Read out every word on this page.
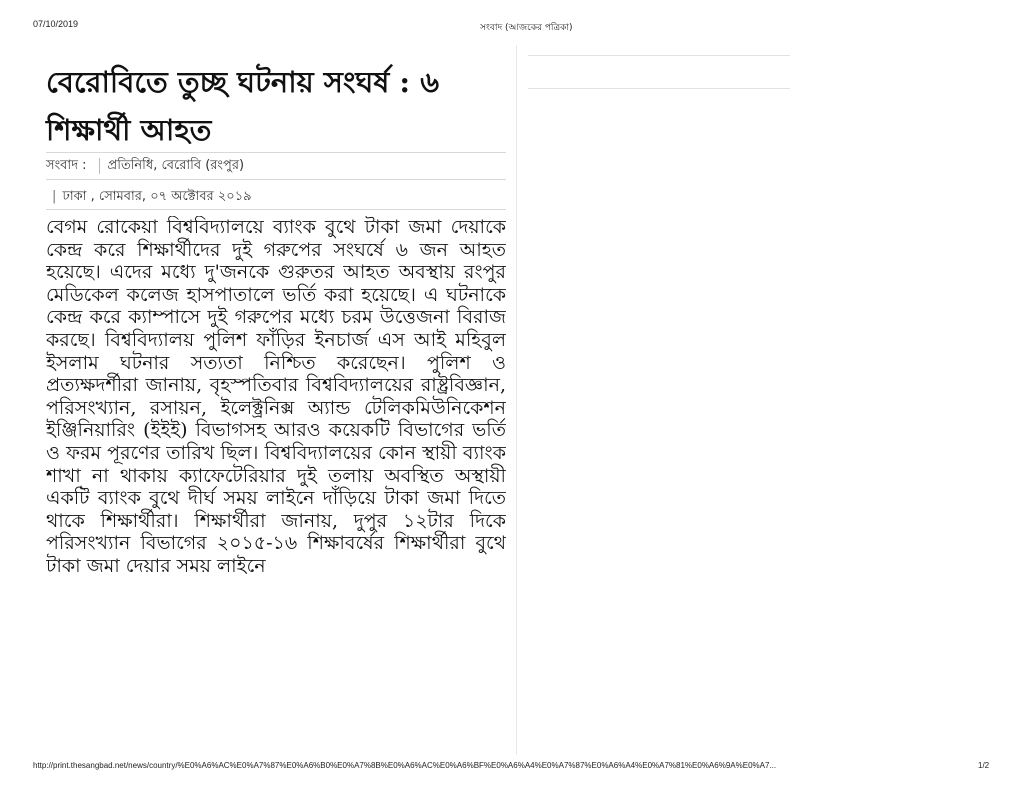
07/10/2019	সংবাদ (আজকের পত্রিকা)
বেরোবিতে তুচ্ছ ঘটনায় সংঘর্ষ : ৬ শিক্ষার্থী আহত
সংবাদ : প্রতিনিধি, বেরোবি (রংপুর)
| ঢাকা , সোমবার, ০৭ অক্টোবর ২০১৯

বেগম রোকেয়া বিশ্ববিদ্যালয়ে ব্যাংক বুথে টাকা জমা দেয়াকে কেন্দ্র করে শিক্ষার্থীদের দুই গরুপের সংঘর্ষে ৬ জন আহত হয়েছে। এদের মধ্যে দু'জনকে গুরুতর আহত অবস্থায় রংপুর মেডিকেল কলেজ হাসপাতালে ভর্তি করা হয়েছে। এ ঘটনাকে কেন্দ্র করে ক্যাম্পাসে দুই গরুপের মধ্যে চরম উত্তেজনা বিরাজ করছে। বিশ্ববিদ্যালয় পুলিশ ফাঁড়ির ইনচার্জ এস আই মহিবুল ইসলাম ঘটনার সত্যতা নিশ্চিত করেছেন। পুলিশ ও প্রত্যক্ষদর্শীরা জানায়, বৃহস্পতিবার বিশ্ববিদ্যালয়ের রাষ্ট্রবিজ্ঞান, পরিসংখ্যান, রসায়ন, ইলেক্ট্রনিক্স অ্যান্ড টেলিকমিউনিকেশন ইঞ্জিনিয়ারিং (ইইই) বিভাগসহ আরও কয়েকটি বিভাগের ভর্তি ও ফরম পূরণের তারিখ ছিল। বিশ্ববিদ্যালয়ের কোন স্থায়ী ব্যাংক শাখা না থাকায় ক্যাফেটেরিয়ার দুই তলায় অবস্থিত অস্থায়ী একটি ব্যাংক বুথে দীর্ঘ সময় লাইনে দাঁড়িয়ে টাকা জমা দিতে থাকে শিক্ষার্থীরা। শিক্ষার্থীরা জানায়, দুপুর ১২টার দিকে পরিসংখ্যান বিভাগের ২০১৫-১৬ শিক্ষাবর্ষের শিক্ষার্থীরা বুথে টাকা জমা দেয়ার সময় লাইনে

http://print.thesangbad.net/news/country/%E0%A6%AC%E0%A7%87%E0%A6%B0%E0%A7%8B%E0%A6%AC%E0%A6%BF%E0%A6%A4%E0%A7%87%E0%A6%A4%E0%A7%81%E0%A6%9A%E0%A7...	1/2
